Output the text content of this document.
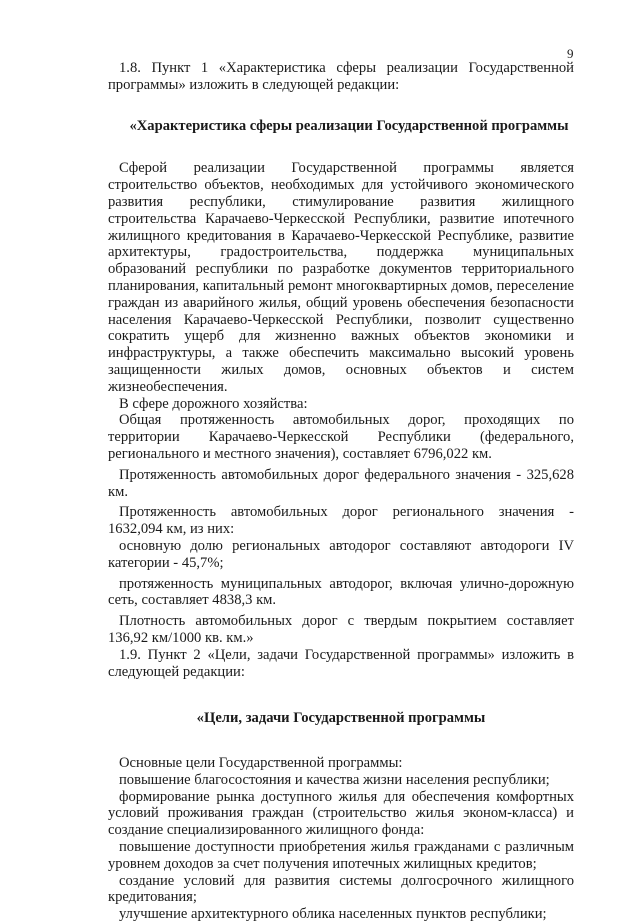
9

1.8. Пункт 1 «Характеристика сферы реализации Государственной программы» изложить в следующей редакции:

«Характеристика сферы реализации Государственной программы

Сферой реализации Государственной программы является строительство объектов, необходимых для устойчивого экономического развития республики, стимулирование развития жилищного строительства Карачаево-Черкесской Республики, развитие ипотечного жилищного кредитования в Карачаево-Черкесской Республике, развитие архитектуры, градостроительства, поддержка муниципальных образований республики по разработке документов территориального планирования, капитальный ремонт многоквартирных домов, переселение граждан из аварийного жилья, общий уровень обеспечения безопасности населения Карачаево-Черкесской Республики, позволит существенно сократить ущерб для жизненно важных объектов экономики и инфраструктуры, а также обеспечить максимально высокий уровень защищенности жилых домов, основных объектов и систем жизнеобеспечения.

В сфере дорожного хозяйства:

Общая протяженность автомобильных дорог, проходящих по территории Карачаево-Черкесской Республики (федерального, регионального и местного значения), составляет 6796,022 км.

Протяженность автомобильных дорог федерального значения - 325,628 км.

Протяженность автомобильных дорог регионального значения - 1632,094 км, из них:

основную долю региональных автодорог составляют автодороги IV категории - 45,7%;

протяженность муниципальных автодорог, включая улично-дорожную сеть, составляет 4838,3 км.

Плотность автомобильных дорог с твердым покрытием составляет 136,92 км/1000 кв. км.»

1.9. Пункт 2 «Цели, задачи Государственной программы» изложить в следующей редакции:

«Цели, задачи Государственной программы

Основные цели Государственной программы:

повышение благосостояния и качества жизни населения республики;

формирование рынка доступного жилья для обеспечения комфортных условий проживания граждан (строительство жилья эконом-класса) и создание специализированного жилищного фонда:

повышение доступности приобретения жилья гражданами с различным уровнем доходов за счет получения ипотечных жилищных кредитов;

создание условий для развития системы долгосрочного жилищного кредитования;

улучшение архитектурного облика населенных пунктов республики;
